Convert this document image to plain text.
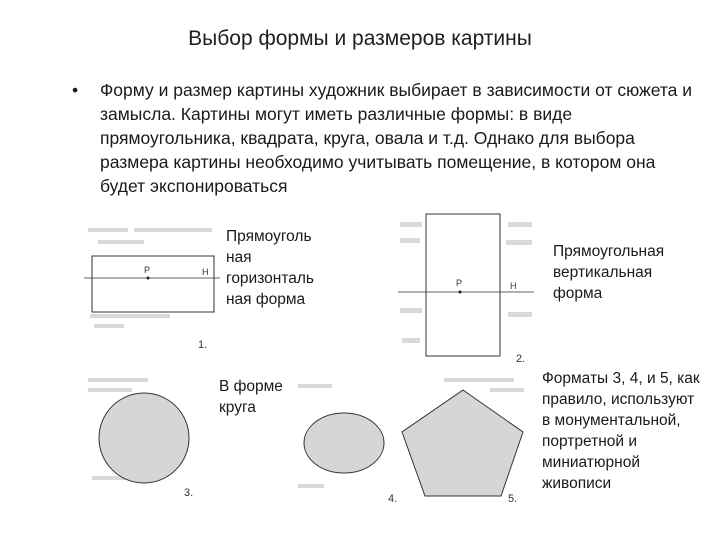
Выбор формы и размеров картины
• Форму и размер картины художник выбирает в зависимости от сюжета и замысла. Картины могут иметь различные формы: в виде прямоугольника, квадрата, круга, овала и т.д. Однако для выбора размера картины необходимо учитывать помещение, в котором она будет экспонироваться
P	H
1.
Прямоуголь ная горизонталь ная форма
P	H
2.
Прямоугольная вертикальная форма
3.
В форме круга
4.	5.
Форматы 3, 4, и 5, как правило, используют в монументальной, портретной и миниатюрной живописи
